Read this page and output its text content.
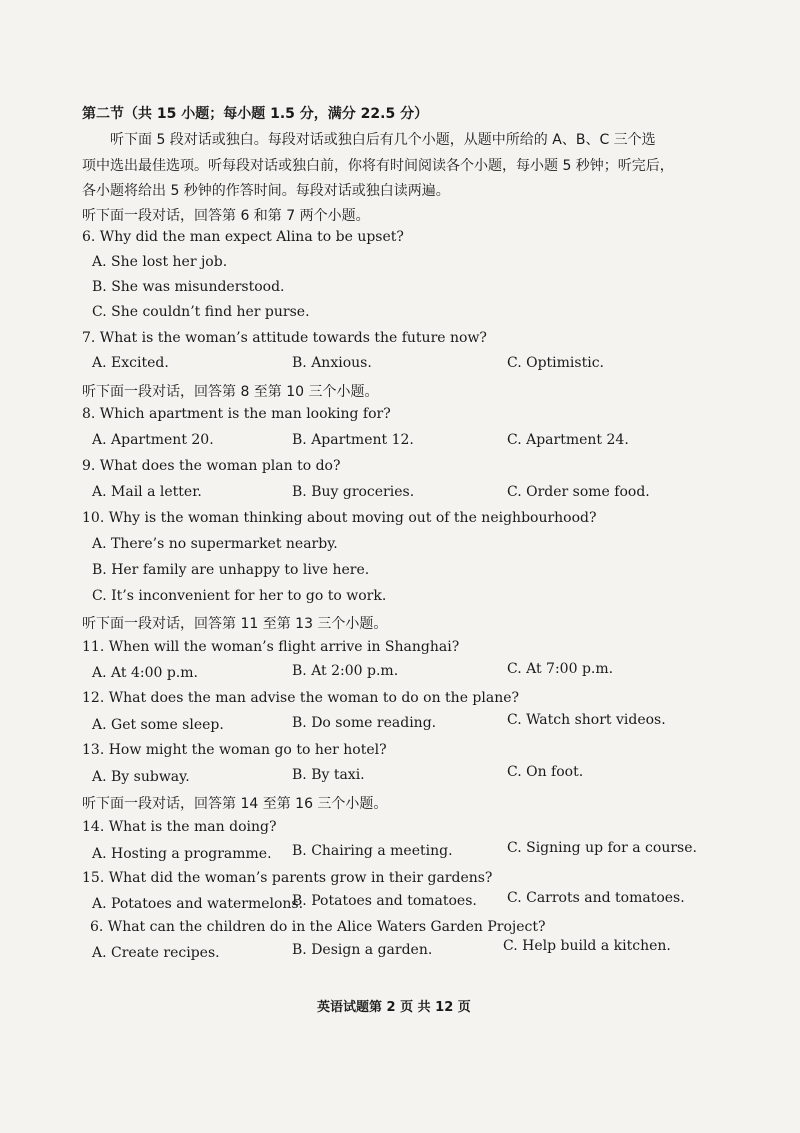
第二节（共 15 小题；每小题 1.5 分，满分 22.5 分）
听下面 5 段对话或独白。每段对话或独白后有几个小题，从题中所给的 A、B、C 三个选
项中选出最佳选项。听每段对话或独白前，你将有时间阅读各个小题，每小题 5 秒钟；听完后，
各小题将给出 5 秒钟的作答时间。每段对话或独白读两遍。
听下面一段对话，回答第 6 和第 7 两个小题。
6. Why did the man expect Alina to be upset?
A. She lost her job.
B. She was misunderstood.
C. She couldn’t find her purse.
7. What is the woman’s attitude towards the future now?
A. Excited.	B. Anxious.	C. Optimistic.
听下面一段对话，回答第 8 至第 10 三个小题。
8. Which apartment is the man looking for?
A. Apartment 20.	B. Apartment 12.	C. Apartment 24.
9. What does the woman plan to do?
A. Mail a letter.	B. Buy groceries.	C. Order some food.
10. Why is the woman thinking about moving out of the neighbourhood?
A. There’s no supermarket nearby.
B. Her family are unhappy to live here.
C. It’s inconvenient for her to go to work.
听下面一段对话，回答第 11 至第 13 三个小题。
11. When will the woman’s flight arrive in Shanghai?
A. At 4:00 p.m.	B. At 2:00 p.m.	C. At 7:00 p.m.
12. What does the man advise the woman to do on the plane?
A. Get some sleep.	B. Do some reading.	C. Watch short videos.
13. How might the woman go to her hotel?
A. By subway.	B. By taxi.	C. On foot.
听下面一段对话，回答第 14 至第 16 三个小题。
14. What is the man doing?
A. Hosting a programme. B. Chairing a meeting.	C. Signing up for a course.
15. What did the woman’s parents grow in their gardens?
A. Potatoes and watermelons.
B. Potatoes and tomatoes. C. Carrots and tomatoes.
6. What can the children do in the Alice Waters Garden Project?
A. Create recipes.	B. Design a garden.	C. Help build a kitchen.
英语试题第 2 页 共 12 页
